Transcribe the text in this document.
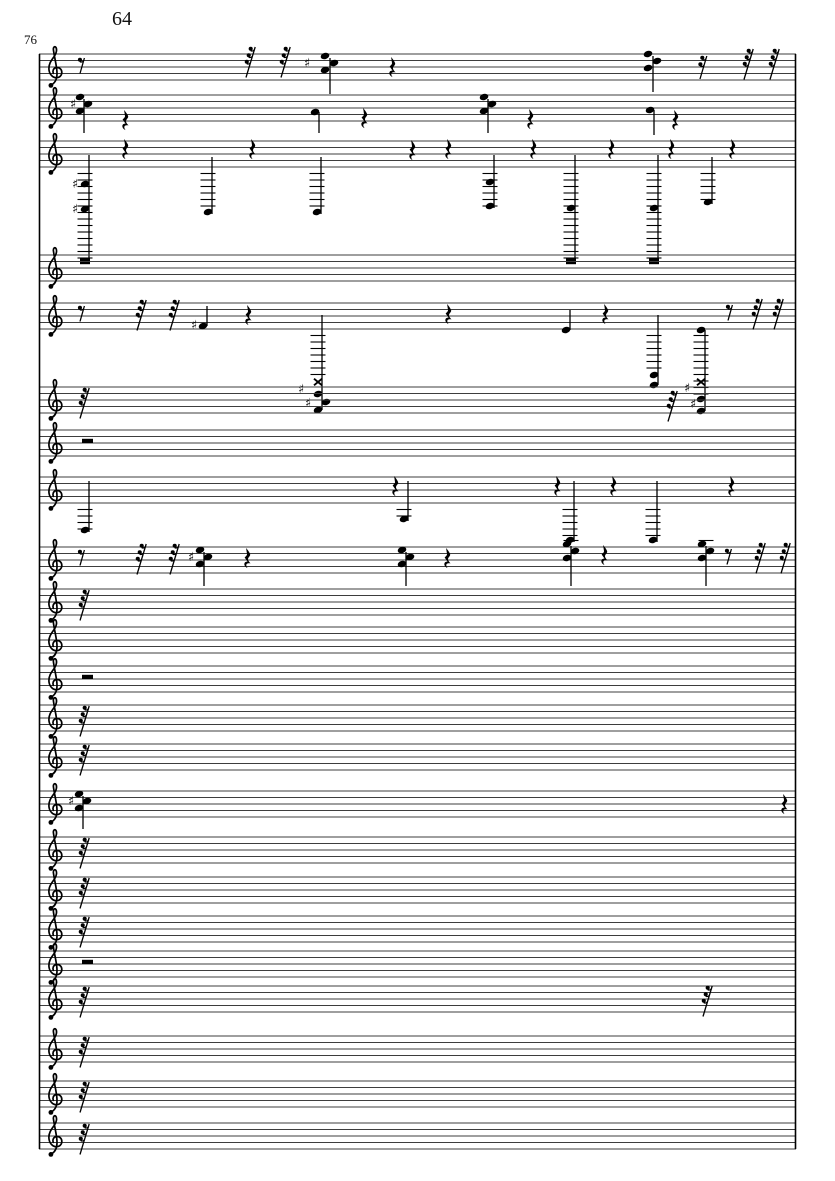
64
76
♯
♯
♯
♯
♯
♯
♯
♯
♯
♯
♯
